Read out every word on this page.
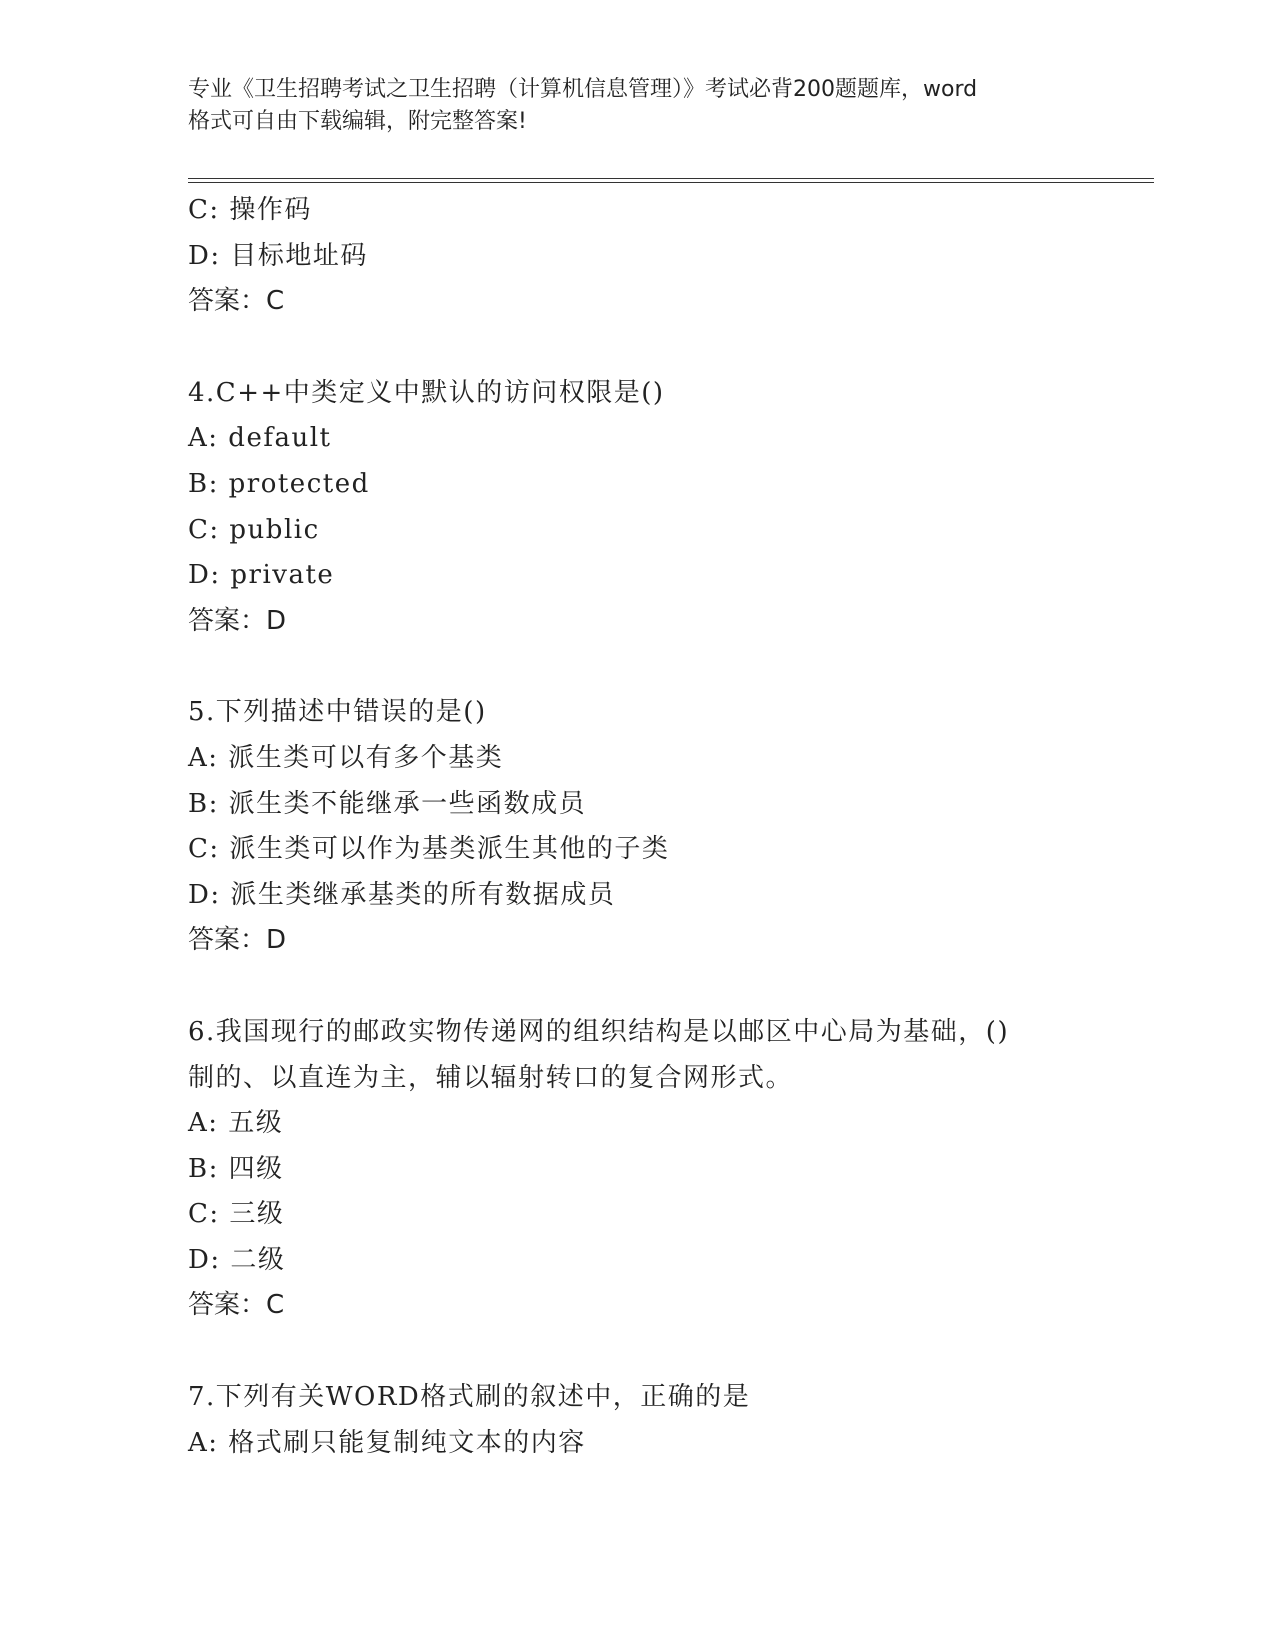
专业《卫生招聘考试之卫生招聘（计算机信息管理）》考试必背200题题库，word
格式可自由下载编辑，附完整答案!
C: 操作码
D: 目标地址码
答案：C
4.C++中类定义中默认的访问权限是()
A: default
B: protected
C: public
D: private
答案：D
5.下列描述中错误的是()
A: 派生类可以有多个基类
B: 派生类不能继承一些函数成员
C: 派生类可以作为基类派生其他的子类
D: 派生类继承基类的所有数据成员
答案：D
6.我国现行的邮政实物传递网的组织结构是以邮区中心局为基础，()
制的、以直连为主，辅以辐射转口的复合网形式。
A: 五级
B: 四级
C: 三级
D: 二级
答案：C
7.下列有关WORD格式刷的叙述中，正确的是
A: 格式刷只能复制纯文本的内容
